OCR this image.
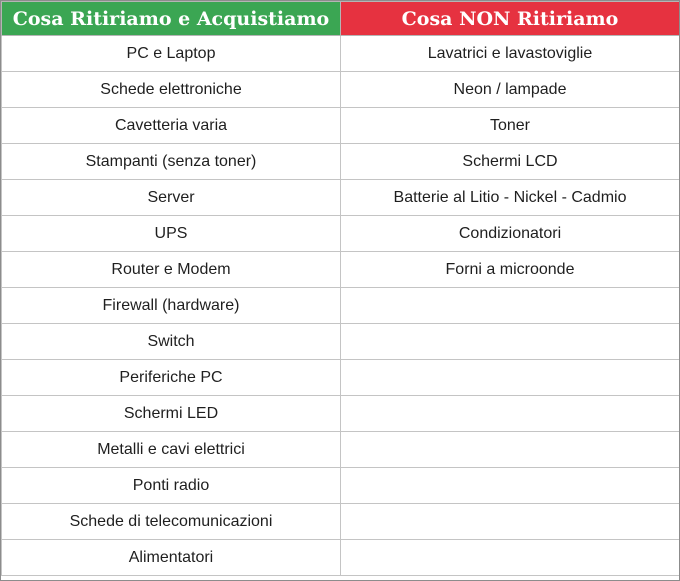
Cosa Ritiriamo e Acquistiamo	Cosa NON Ritiriamo
PC e Laptop	Lavatrici e lavastoviglie
Schede elettroniche	Neon / lampade
Cavetteria varia	Toner
Stampanti (senza toner)	Schermi LCD
Server	Batterie al Litio - Nickel - Cadmio
UPS	Condizionatori
Router e Modem	Forni a microonde
Firewall (hardware)	
Switch	
Periferiche PC	
Schermi LED	
Metalli e cavi elettrici	
Ponti radio	
Schede di telecomunicazioni	
Alimentatori	
